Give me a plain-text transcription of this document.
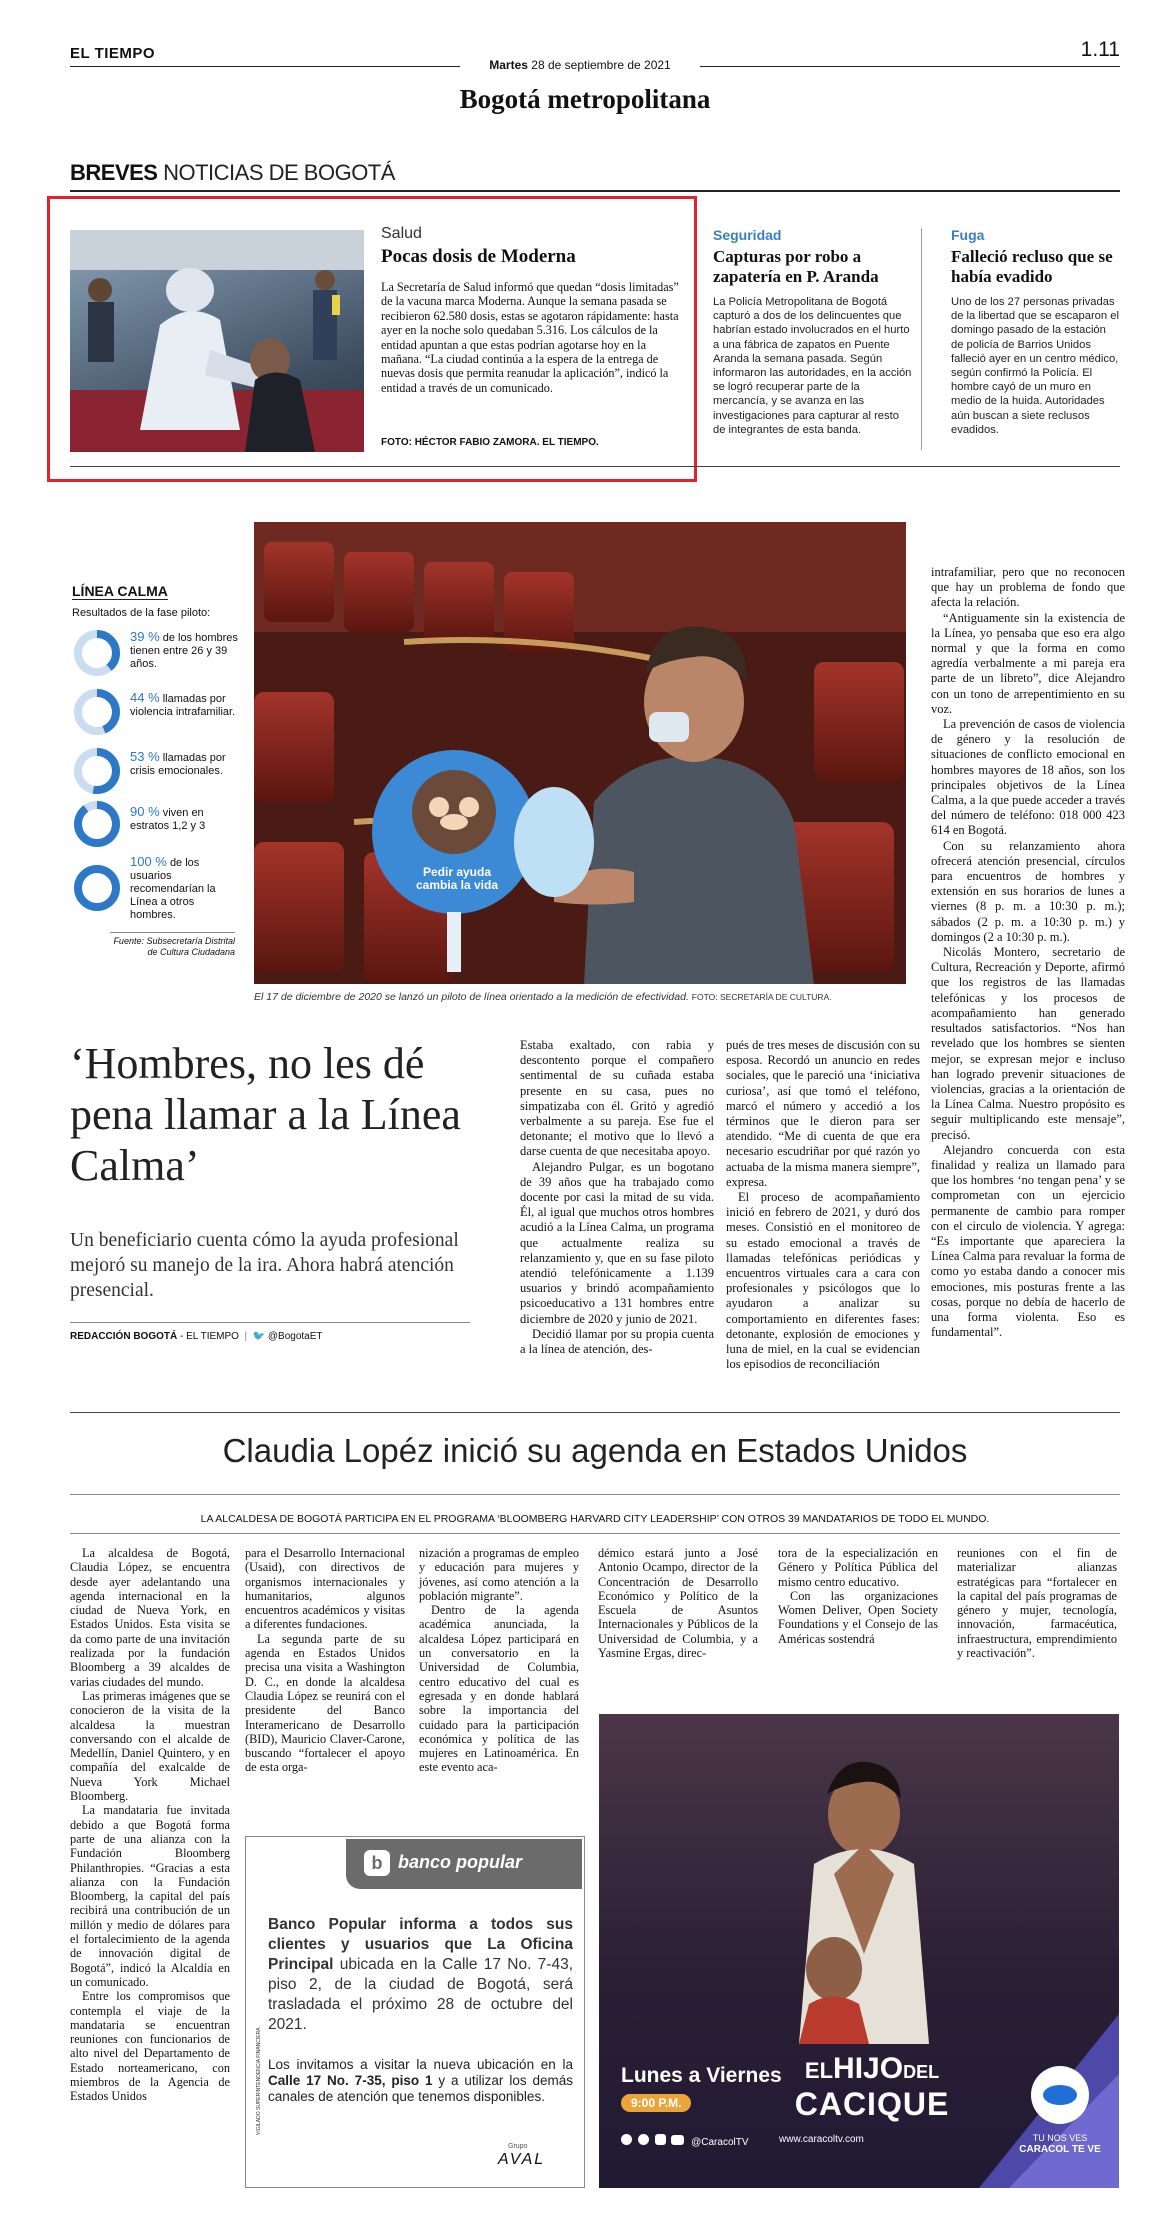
EL TIEMPO
Martes 28 de septiembre de 2021
1.11
Bogotá metropolitana
BREVES NOTICIAS DE BOGOTÁ
Salud
Pocas dosis de Moderna
La Secretaría de Salud informó que quedan “dosis limitadas” de la vacuna marca Moderna. Aunque la semana pasada se recibieron 62.580 dosis, estas se agotaron rápidamente: hasta ayer en la noche solo quedaban 5.316. Los cálculos de la entidad apuntan a que estas podrían agotarse hoy en la mañana. “La ciudad continúa a la espera de la entrega de nuevas dosis que permita reanudar la aplicación”, indicó la entidad a través de un comunicado.
FOTO: HÉCTOR FABIO ZAMORA. EL TIEMPO.
Seguridad
Capturas por robo a zapatería en P. Aranda
La Policía Metropolitana de Bogotá capturó a dos de los delincuentes que habrían estado involucrados en el hurto a una fábrica de zapatos en Puente Aranda la semana pasada. Según informaron las autoridades, en la acción se logró recuperar parte de la mercancía, y se avanza en las investigaciones para capturar al resto de integrantes de esta banda.
Fuga
Falleció recluso que se había evadido
Uno de los 27 personas privadas de la libertad que se escaparon el domingo pasado de la estación de policía de Barrios Unidos falleció ayer en un centro médico, según confirmó la Policía. El hombre cayó de un muro en medio de la huida. Autoridades aún buscan a siete reclusos evadidos.
LÍNEA CALMA
Resultados de la fase piloto:
39 % de los hombres tienen entre 26 y 39 años.
44 % llamadas por violencia intrafamiliar.
53 % llamadas por crisis emocionales.
90 % viven en estratos 1,2 y 3
100 % de los usuarios recomendarían la Línea a otros hombres.
Fuente: Subsecretaría Distrital de Cultura Ciudadana
Pedir ayuda
cambia la vida
El 17 de diciembre de 2020 se lanzó un piloto de línea orientado a la medición de efectividad. FOTO: SECRETARÍA DE CULTURA.
‘Hombres, no les dé pena llamar a la Línea Calma’
Un beneficiario cuenta cómo la ayuda profesional mejoró su manejo de la ira. Ahora habrá atención presencial.
REDACCIÓN BOGOTÁ - EL TIEMPO  |  🐦 @BogotaET

Estaba exaltado, con rabia y descontento porque el compañero sentimental de su cuñada estaba presente en su casa, pues no simpatizaba con él. Gritó y agredió verbalmente a su pareja. Ese fue el detonante; el motivo que lo llevó a darse cuenta de que necesitaba apoyo.

Alejandro Pulgar, es un bogotano de 39 años que ha trabajado como docente por casi la mitad de su vida. Él, al igual que muchos otros hombres acudió a la Línea Calma, un programa que actualmente realiza su relanzamiento y, que en su fase piloto atendió telefónicamente a 1.139 usuarios y brindó acompañamiento psicoeducativo a 131 hombres entre diciembre de 2020 y junio de 2021.

Decidió llamar por su propia cuenta a la línea de atención, des-

pués de tres meses de discusión con su esposa. Recordó un anuncio en redes sociales, que le pareció una ‘iniciativa curiosa’, así que tomó el teléfono, marcó el número y accedió a los términos que le dieron para ser atendido. “Me di cuenta de que era necesario escudriñar por qué razón yo actuaba de la misma manera siempre”, expresa.

El proceso de acompañamiento inició en febrero de 2021, y duró dos meses. Consistió en el monitoreo de su estado emocional a través de llamadas telefónicas periódicas y encuentros virtuales cara a cara con profesionales y psicólogos que lo ayudaron a analizar su comportamiento en diferentes fases: detonante, explosión de emociones y luna de miel, en la cual se evidencian los episodios de reconciliación

intrafamiliar, pero que no reconocen que hay un problema de fondo que afecta la relación.

“Antiguamente sin la existencia de la Línea, yo pensaba que eso era algo normal y que la forma en como agredía verbalmente a mi pareja era parte de un libreto”, dice Alejandro con un tono de arrepentimiento en su voz.

La prevención de casos de violencia de género y la resolución de situaciones de conflicto emocional en hombres mayores de 18 años, son los principales objetivos de la Línea Calma, a la que puede acceder a través del número de teléfono: 018 000 423 614 en Bogotá.

Con su relanzamiento ahora ofrecerá atención presencial, círculos para encuentros de hombres y extensión en sus horarios de lunes a viernes (8 p. m. a 10:30 p. m.); sábados (2 p. m. a 10:30 p. m.) y domingos (2 a 10:30 p. m.).

Nicolás Montero, secretario de Cultura, Recreación y Deporte, afirmó que los registros de las llamadas telefónicas y los procesos de acompañamiento han generado resultados satisfactorios. “Nos han revelado que los hombres se sienten mejor, se expresan mejor e incluso han logrado prevenir situaciones de violencias, gracias a la orientación de la Línea Calma. Nuestro propósito es seguir multiplicando este mensaje”, precisó.

Alejandro concuerda con esta finalidad y realiza un llamado para que los hombres ‘no tengan pena’ y se comprometan con un ejercicio permanente de cambio para romper con el circulo de violencia. Y agrega: “Es importante que apareciera la Línea Calma para revaluar la forma de como yo estaba dando a conocer mis emociones, mis posturas frente a las cosas, porque no debía de hacerlo de una forma violenta. Eso es fundamental”.

Claudia Lopéz inició su agenda en Estados Unidos
LA ALCALDESA DE BOGOTÁ PARTICIPA EN EL PROGRAMA ‘BLOOMBERG HARVARD CITY LEADERSHIP’ CON OTROS 39 MANDATARIOS DE TODO EL MUNDO.

La alcaldesa de Bogotá, Claudia López, se encuentra desde ayer adelantando una agenda internacional en la ciudad de Nueva York, en Estados Unidos. Esta visita se da como parte de una invitación realizada por la fundación Bloomberg a 39 alcaldes de varias ciudades del mundo.

Las primeras imágenes que se conocieron de la visita de la alcaldesa la muestran conversando con el alcalde de Medellín, Daniel Quintero, y en compañía del exalcalde de Nueva York Michael Bloomberg.

La mandataria fue invitada debido a que Bogotá forma parte de una alianza con la Fundación Bloomberg Philanthropies. “Gracias a esta alianza con la Fundación Bloomberg, la capital del país recibirá una contribución de un millón y medio de dólares para el fortalecimiento de la agenda de innovación digital de Bogotá”, indicó la Alcaldía en un comunicado.

Entre los compromisos que contempla el viaje de la mandataria se encuentran reuniones con funcionarios de alto nivel del Departamento de Estado norteamericano, con miembros de la Agencia de Estados Unidos

para el Desarrollo Internacional (Usaid), con directivos de organismos internacionales y humanitarios, algunos encuentros académicos y visitas a diferentes fundaciones.

La segunda parte de su agenda en Estados Unidos precisa una visita a Washington D. C., en donde la alcaldesa Claudia López se reunirá con el presidente del Banco Interamericano de Desarrollo (BID), Mauricio Claver-Carone, buscando “fortalecer el apoyo de esta orga-

nización a programas de empleo y educación para mujeres y jóvenes, así como atención a la población migrante”.

Dentro de la agenda académica anunciada, la alcaldesa López participará en un conversatorio en la Universidad de Columbia, centro educativo del cual es egresada y en donde hablará sobre la importancia del cuidado para la participación económica y política de las mujeres en Latinoamérica. En este evento aca-

démico estará junto a José Antonio Ocampo, director de la Concentración de Desarrollo Económico y Político de la Escuela de Asuntos Internacionales y Públicos de la Universidad de Columbia, y a Yasmine Ergas, direc-

tora de la especialización en Género y Política Pública del mismo centro educativo.

Con las organizaciones Women Deliver, Open Society Foundations y el Consejo de las Américas sostendrá

reuniones con el fin de materializar alianzas estratégicas para “fortalecer en la capital del país programas de género y mujer, tecnología, innovación, farmacéutica, infraestructura, emprendimiento y reactivación”.

b banco popular
VIGILADO SUPERINTENDENCIA FINANCIERA
Banco Popular informa a todos sus clientes y usuarios que La Oficina Principal ubicada en la Calle 17 No. 7-43, piso 2, de la ciudad de Bogotá, será trasladada el próximo 28 de octubre del 2021.
Los invitamos a visitar la nueva ubicación en la Calle 17 No. 7-35, piso 1 y a utilizar los demás canales de atención que tenemos disponibles.
Grupo
AVAL
ELHIJODEL
CACIQUE
Lunes a Viernes
9:00 P.M.
@CaracolTV	www.caracoltv.com	TU NOS VES
CARACOL TE VE
